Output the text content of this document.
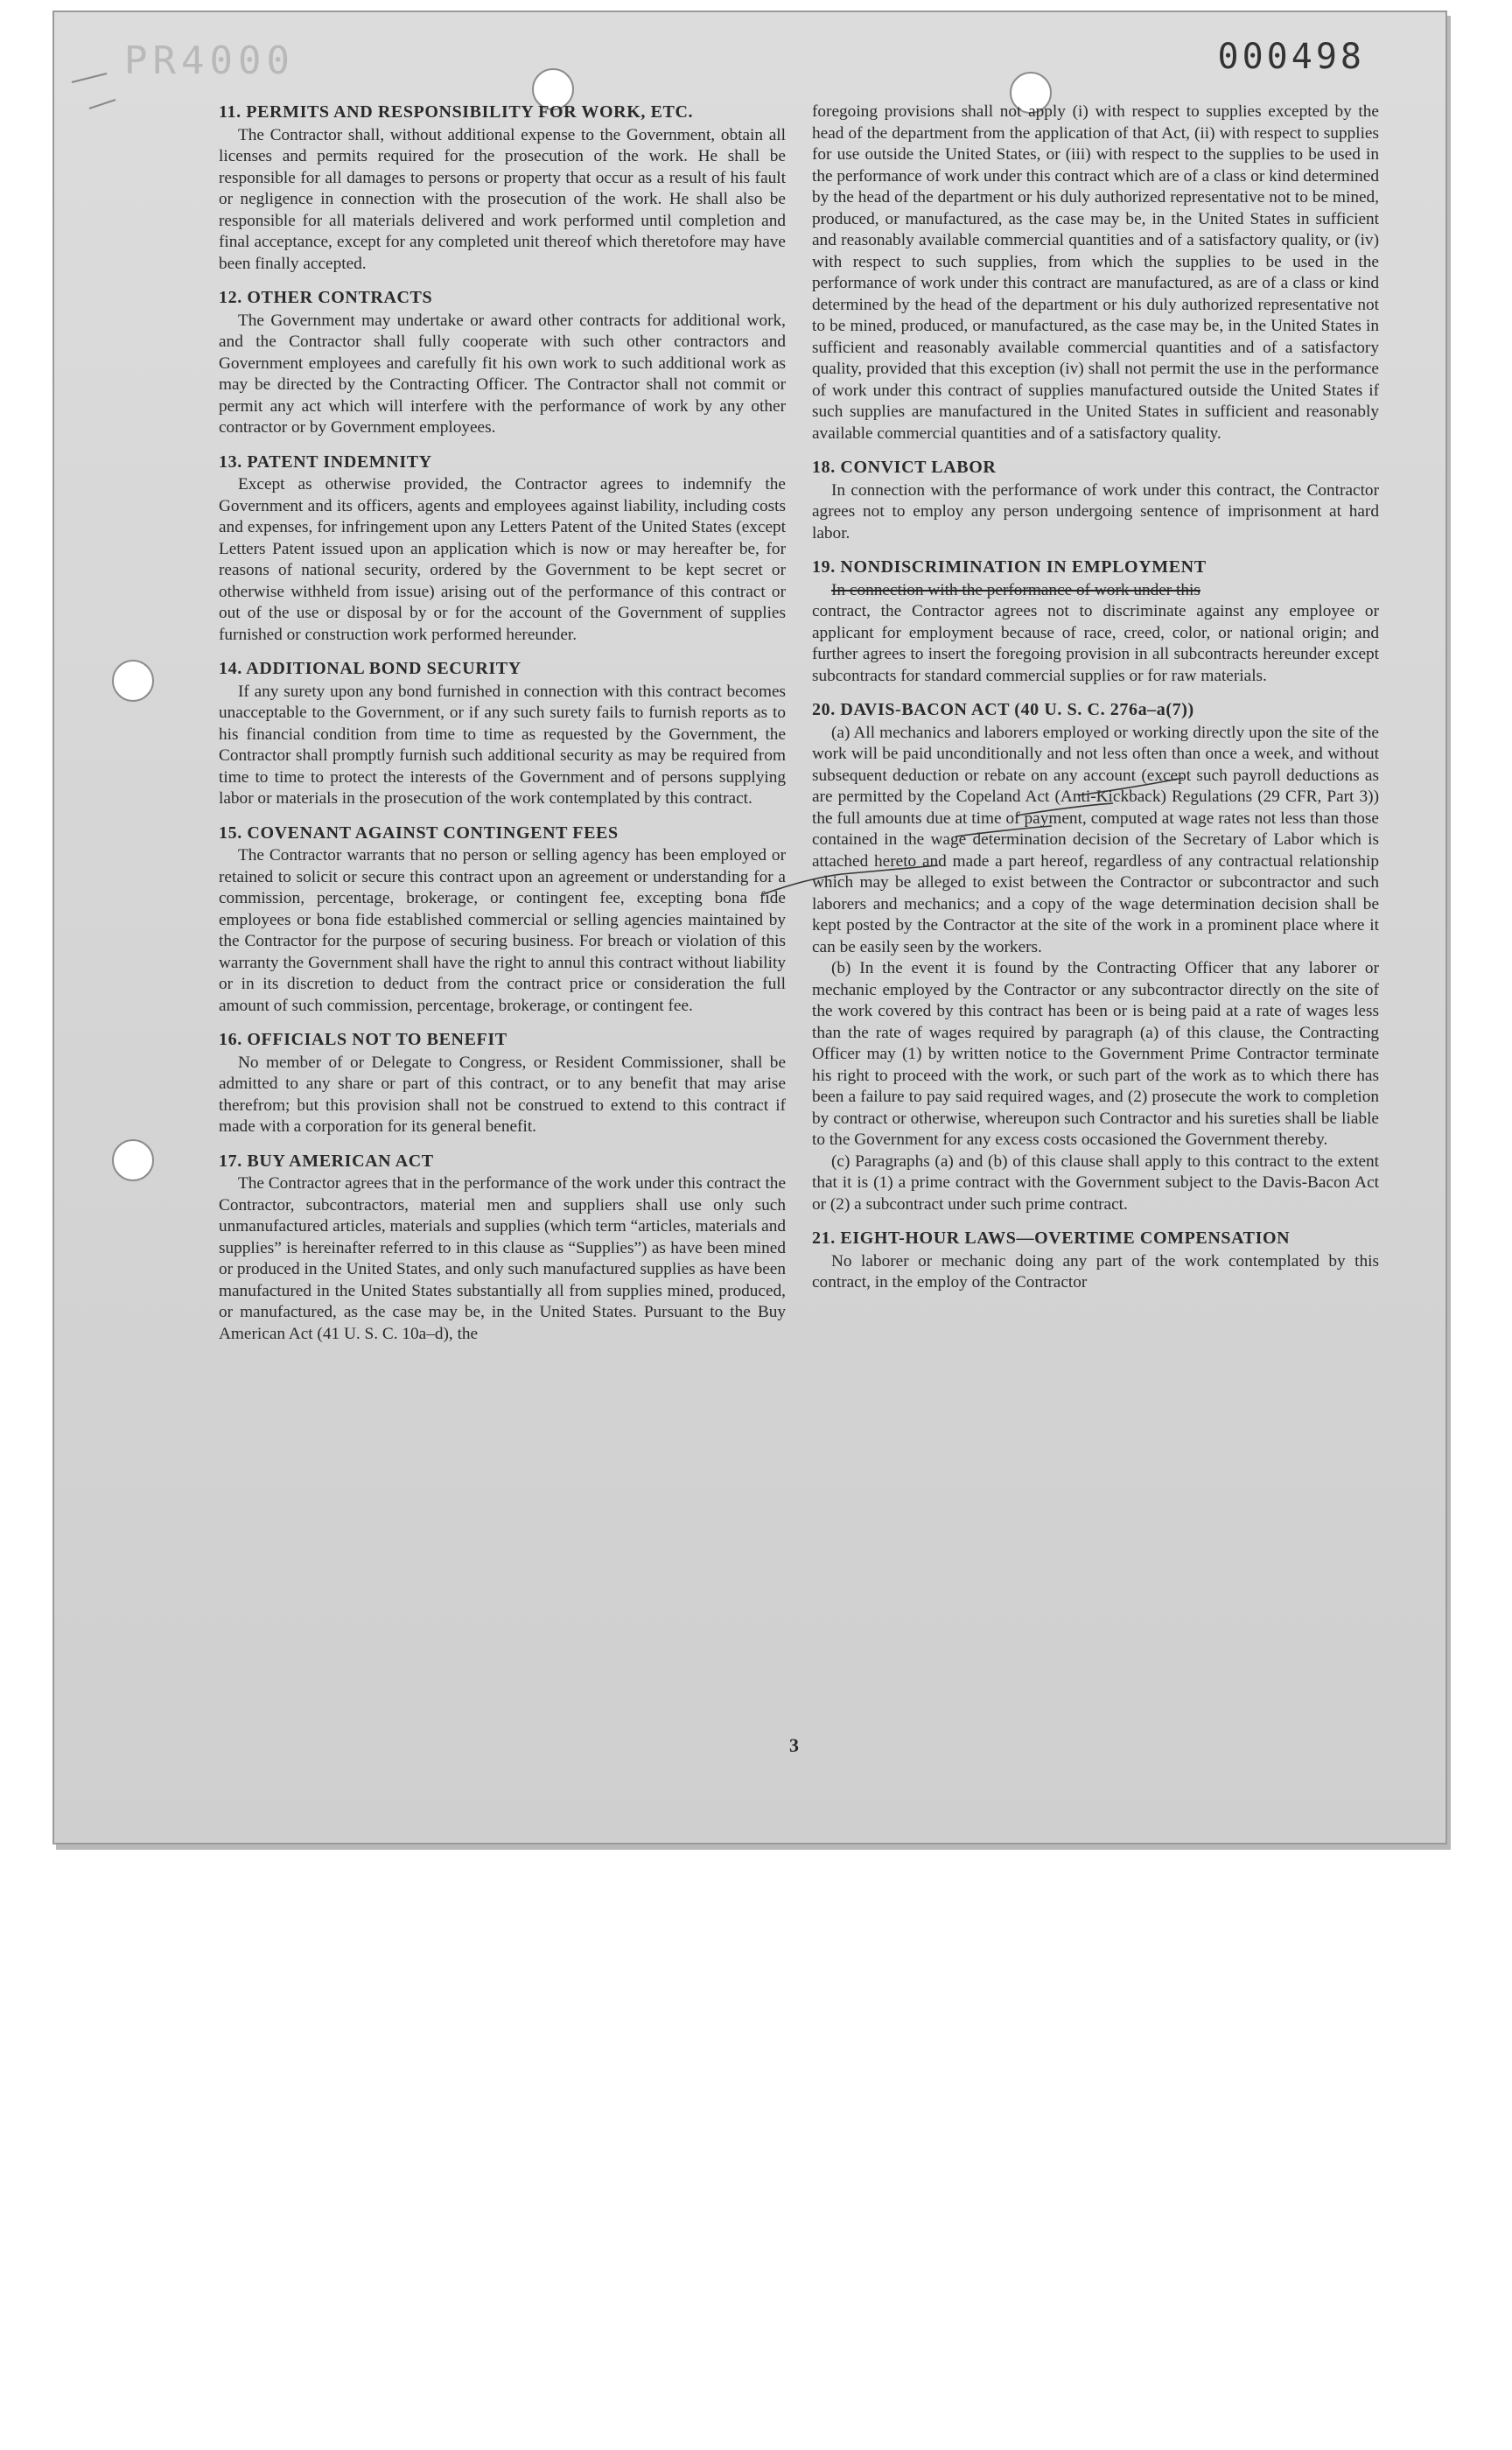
PR4000	000498
11. PERMITS AND RESPONSIBILITY FOR WORK, ETC.

The Contractor shall, without additional expense to the Government, obtain all licenses and permits required for the prosecution of the work. He shall be responsible for all damages to persons or property that occur as a result of his fault or negligence in connection with the prosecution of the work. He shall also be responsible for all materials delivered and work performed until completion and final acceptance, except for any completed unit thereof which theretofore may have been finally accepted.

12. OTHER CONTRACTS

The Government may undertake or award other contracts for additional work, and the Contractor shall fully cooperate with such other contractors and Government employees and carefully fit his own work to such additional work as may be directed by the Contracting Officer. The Contractor shall not commit or permit any act which will interfere with the performance of work by any other contractor or by Government employees.

13. PATENT INDEMNITY

Except as otherwise provided, the Contractor agrees to indemnify the Government and its officers, agents and employees against liability, including costs and expenses, for infringement upon any Letters Patent of the United States (except Letters Patent issued upon an application which is now or may hereafter be, for reasons of national security, ordered by the Government to be kept secret or otherwise withheld from issue) arising out of the performance of this contract or out of the use or disposal by or for the account of the Government of supplies furnished or construction work performed hereunder.

14. ADDITIONAL BOND SECURITY

If any surety upon any bond furnished in connection with this contract becomes unacceptable to the Government, or if any such surety fails to furnish reports as to his financial condition from time to time as requested by the Government, the Contractor shall promptly furnish such additional security as may be required from time to time to protect the interests of the Government and of persons supplying labor or materials in the prosecution of the work contemplated by this contract.

15. COVENANT AGAINST CONTINGENT FEES

The Contractor warrants that no person or selling agency has been employed or retained to solicit or secure this contract upon an agreement or understanding for a commission, percentage, brokerage, or contingent fee, excepting bona fide employees or bona fide established commercial or selling agencies maintained by the Contractor for the purpose of securing business. For breach or violation of this warranty the Government shall have the right to annul this contract without liability or in its discretion to deduct from the contract price or consideration the full amount of such commission, percentage, brokerage, or contingent fee.

16. OFFICIALS NOT TO BENEFIT

No member of or Delegate to Congress, or Resident Commissioner, shall be admitted to any share or part of this contract, or to any benefit that may arise therefrom; but this provision shall not be construed to extend to this contract if made with a corporation for its general benefit.

17. BUY AMERICAN ACT

The Contractor agrees that in the performance of the work under this contract the Contractor, subcontractors, material men and suppliers shall use only such unmanufactured articles, materials and supplies (which term “articles, materials and supplies” is hereinafter referred to in this clause as “Supplies”) as have been mined or produced in the United States, and only such manufactured supplies as have been manufactured in the United States substantially all from supplies mined, produced, or manufactured, as the case may be, in the United States. Pursuant to the Buy American Act (41 U. S. C. 10a–d), the

foregoing provisions shall not apply (i) with respect to supplies excepted by the head of the department from the application of that Act, (ii) with respect to supplies for use outside the United States, or (iii) with respect to the supplies to be used in the performance of work under this contract which are of a class or kind determined by the head of the department or his duly authorized representative not to be mined, produced, or manufactured, as the case may be, in the United States in sufficient and reasonably available commercial quantities and of a satisfactory quality, or (iv) with respect to such supplies, from which the supplies to be used in the performance of work under this contract are manufactured, as are of a class or kind determined by the head of the department or his duly authorized representative not to be mined, produced, or manufactured, as the case may be, in the United States in sufficient and reasonably available commercial quantities and of a satisfactory quality, provided that this exception (iv) shall not permit the use in the performance of work under this contract of supplies manufactured outside the United States if such supplies are manufactured in the United States in sufficient and reasonably available commercial quantities and of a satisfactory quality.

18. CONVICT LABOR

In connection with the performance of work under this contract, the Contractor agrees not to employ any person undergoing sentence of imprisonment at hard labor.

19. NONDISCRIMINATION IN EMPLOYMENT

In connection with the performance of work under this

contract, the Contractor agrees not to discriminate against any employee or applicant for employment because of race, creed, color, or national origin; and further agrees to insert the foregoing provision in all subcontracts hereunder except subcontracts for standard commercial supplies or for raw materials.

20. DAVIS-BACON ACT (40 U. S. C. 276a–a(7))

(a) All mechanics and laborers employed or working directly upon the site of the work will be paid unconditionally and not less often than once a week, and without subsequent deduction or rebate on any account (except such payroll deductions as are permitted by the Copeland Act (Anti-Kickback) Regulations (29 CFR, Part 3)) the full amounts due at time of payment, computed at wage rates not less than those contained in the wage determination decision of the Secretary of Labor which is attached hereto and made a part hereof, regardless of any contractual relationship which may be alleged to exist between the Contractor or subcontractor and such laborers and mechanics; and a copy of the wage determination decision shall be kept posted by the Contractor at the site of the work in a prominent place where it can be easily seen by the workers.

(b) In the event it is found by the Contracting Officer that any laborer or mechanic employed by the Contractor or any subcontractor directly on the site of the work covered by this contract has been or is being paid at a rate of wages less than the rate of wages required by paragraph (a) of this clause, the Contracting Officer may (1) by written notice to the Government Prime Contractor terminate his right to proceed with the work, or such part of the work as to which there has been a failure to pay said required wages, and (2) prosecute the work to completion by contract or otherwise, whereupon such Contractor and his sureties shall be liable to the Government for any excess costs occasioned the Government thereby.

(c) Paragraphs (a) and (b) of this clause shall apply to this contract to the extent that it is (1) a prime contract with the Government subject to the Davis-Bacon Act or (2) a subcontract under such prime contract.

21. EIGHT-HOUR LAWS—OVERTIME COMPENSATION

No laborer or mechanic doing any part of the work contemplated by this contract, in the employ of the Contractor

3
